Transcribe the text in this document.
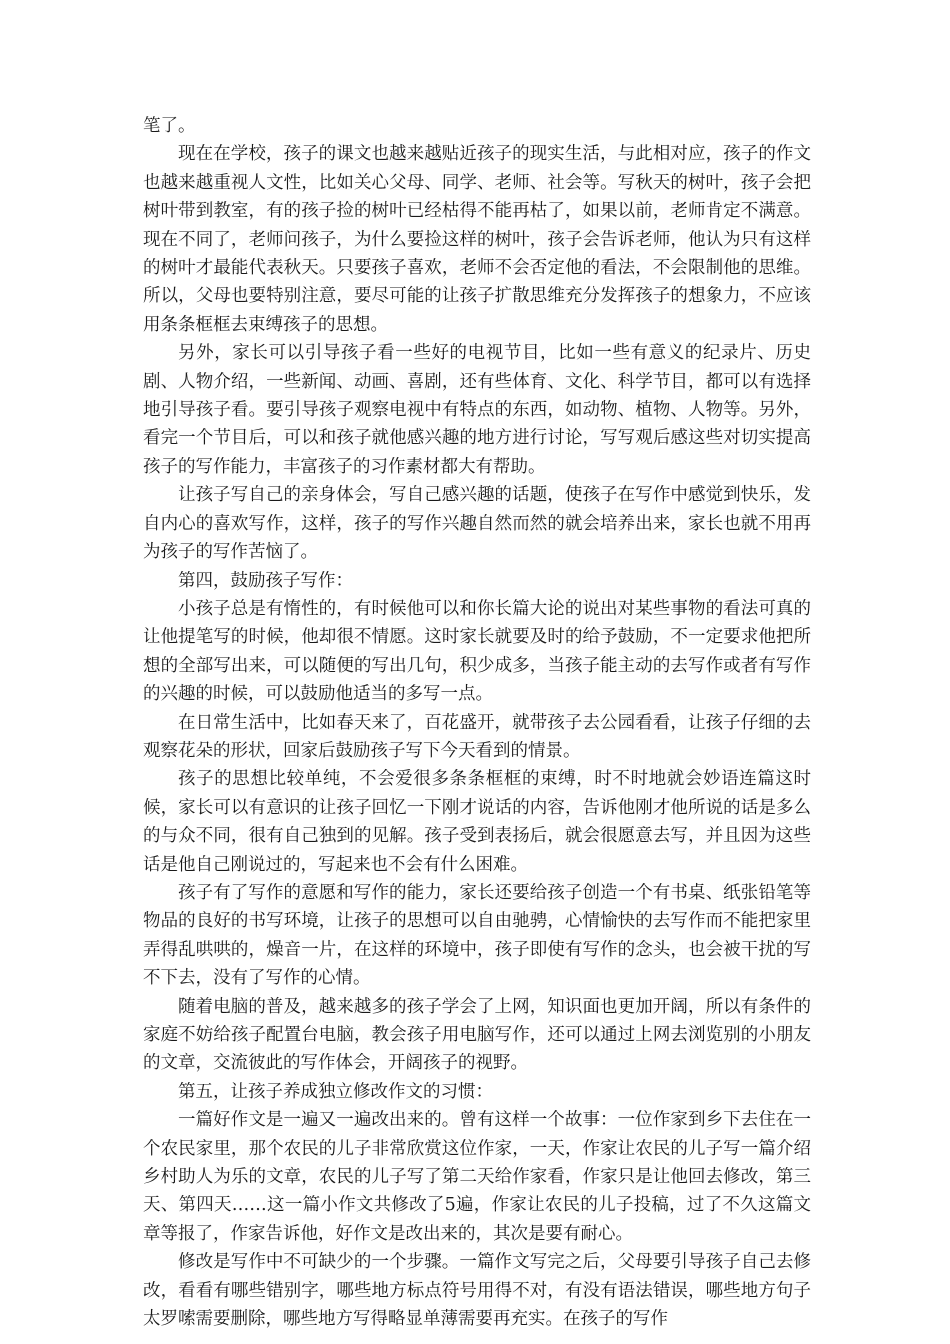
笔了。

现在在学校，孩子的课文也越来越贴近孩子的现实生活，与此相对应，孩子的作文也越来越重视人文性，比如关心父母、同学、老师、社会等。写秋天的树叶，孩子会把树叶带到教室，有的孩子捡的树叶已经枯得不能再枯了，如果以前，老师肯定不满意。现在不同了，老师问孩子，为什么要捡这样的树叶，孩子会告诉老师，他认为只有这样的树叶才最能代表秋天。只要孩子喜欢，老师不会否定他的看法，不会限制他的思维。所以，父母也要特别注意，要尽可能的让孩子扩散思维充分发挥孩子的想象力，不应该用条条框框去束缚孩子的思想。

另外，家长可以引导孩子看一些好的电视节目，比如一些有意义的纪录片、历史剧、人物介绍，一些新闻、动画、喜剧，还有些体育、文化、科学节目，都可以有选择地引导孩子看。要引导孩子观察电视中有特点的东西，如动物、植物、人物等。另外，看完一个节目后，可以和孩子就他感兴趣的地方进行讨论，写写观后感这些对切实提高孩子的写作能力，丰富孩子的习作素材都大有帮助。

让孩子写自己的亲身体会，写自己感兴趣的话题，使孩子在写作中感觉到快乐，发自内心的喜欢写作，这样，孩子的写作兴趣自然而然的就会培养出来，家长也就不用再为孩子的写作苦恼了。

第四，鼓励孩子写作：

小孩子总是有惰性的，有时候他可以和你长篇大论的说出对某些事物的看法可真的让他提笔写的时候，他却很不情愿。这时家长就要及时的给予鼓励，不一定要求他把所想的全部写出来，可以随便的写出几句，积少成多，当孩子能主动的去写作或者有写作的兴趣的时候，可以鼓励他适当的多写一点。

在日常生活中，比如春天来了，百花盛开，就带孩子去公园看看，让孩子仔细的去观察花朵的形状，回家后鼓励孩子写下今天看到的情景。

孩子的思想比较单纯，不会爱很多条条框框的束缚，时不时地就会妙语连篇这时候，家长可以有意识的让孩子回忆一下刚才说话的内容，告诉他刚才他所说的话是多么的与众不同，很有自己独到的见解。孩子受到表扬后，就会很愿意去写，并且因为这些话是他自己刚说过的，写起来也不会有什么困难。

孩子有了写作的意愿和写作的能力，家长还要给孩子创造一个有书桌、纸张铅笔等物品的良好的书写环境，让孩子的思想可以自由驰骋，心情愉快的去写作而不能把家里弄得乱哄哄的，燥音一片，在这样的环境中，孩子即使有写作的念头，也会被干扰的写不下去，没有了写作的心情。

随着电脑的普及，越来越多的孩子学会了上网，知识面也更加开阔，所以有条件的家庭不妨给孩子配置台电脑，教会孩子用电脑写作，还可以通过上网去浏览别的小朋友的文章，交流彼此的写作体会，开阔孩子的视野。

第五，让孩子养成独立修改作文的习惯：

一篇好作文是一遍又一遍改出来的。曾有这样一个故事：一位作家到乡下去住在一个农民家里，那个农民的儿子非常欣赏这位作家，一天，作家让农民的儿子写一篇介绍乡村助人为乐的文章，农民的儿子写了第二天给作家看，作家只是让他回去修改，第三天、第四天……这一篇小作文共修改了5遍，作家让农民的儿子投稿，过了不久这篇文章等报了，作家告诉他，好作文是改出来的，其次是要有耐心。

修改是写作中不可缺少的一个步骤。一篇作文写完之后，父母要引导孩子自己去修改，看看有哪些错别字，哪些地方标点符号用得不对，有没有语法错误，哪些地方句子太罗嗦需要删除，哪些地方写得略显单薄需要再充实。在孩子的写作
